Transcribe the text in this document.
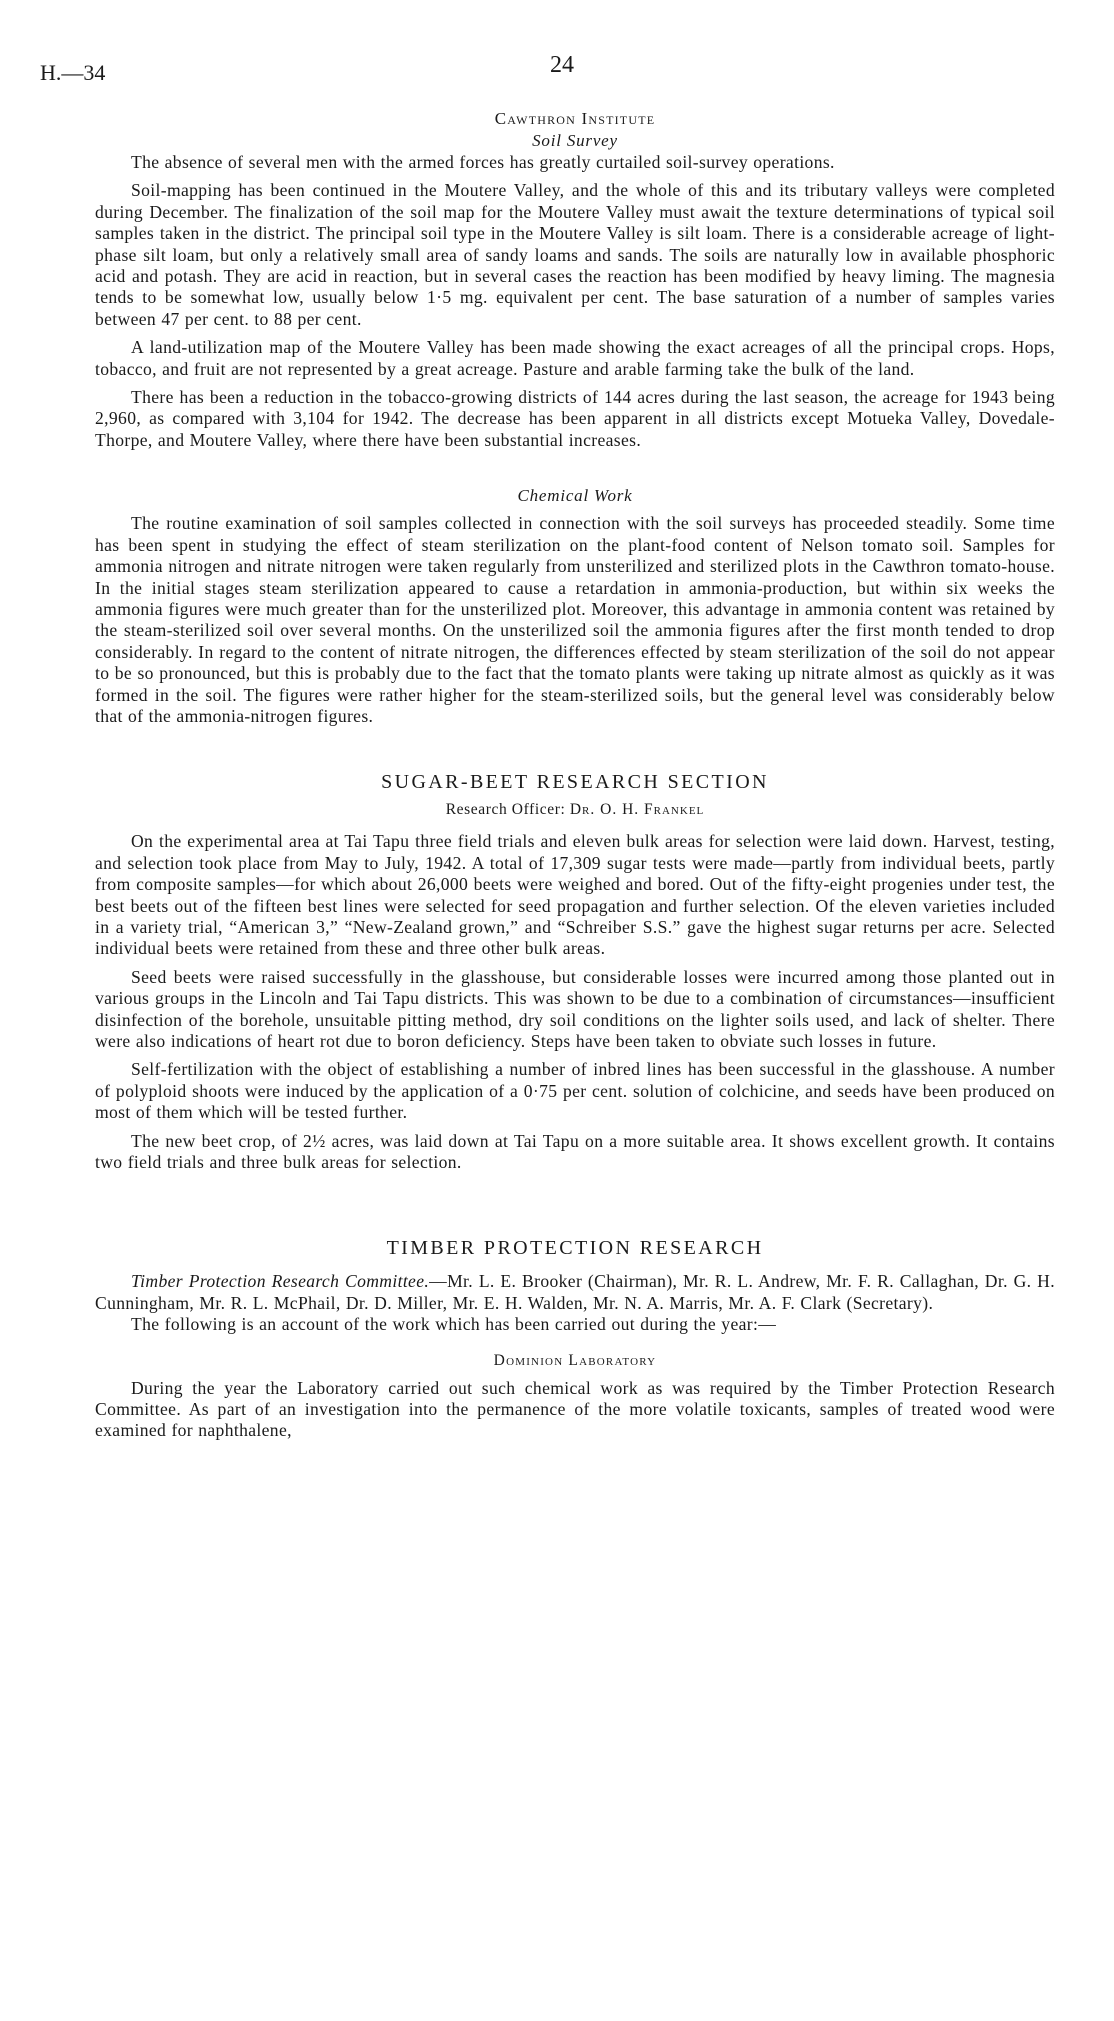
24
H.—34
Cawthron Institute
Soil Survey

The absence of several men with the armed forces has greatly curtailed soil-survey operations.

Soil-mapping has been continued in the Moutere Valley, and the whole of this and its tributary valleys were completed during December. The finalization of the soil map for the Moutere Valley must await the texture determinations of typical soil samples taken in the district. The principal soil type in the Moutere Valley is silt loam. There is a considerable acreage of light-phase silt loam, but only a relatively small area of sandy loams and sands. The soils are naturally low in available phosphoric acid and potash. They are acid in reaction, but in several cases the reaction has been modified by heavy liming. The magnesia tends to be somewhat low, usually below 1·5 mg. equivalent per cent. The base saturation of a number of samples varies between 47 per cent. to 88 per cent.

A land-utilization map of the Moutere Valley has been made showing the exact acreages of all the principal crops. Hops, tobacco, and fruit are not represented by a great acreage. Pasture and arable farming take the bulk of the land.

There has been a reduction in the tobacco-growing districts of 144 acres during the last season, the acreage for 1943 being 2,960, as compared with 3,104 for 1942. The decrease has been apparent in all districts except Motueka Valley, Dovedale-Thorpe, and Moutere Valley, where there have been substantial increases.

Chemical Work

The routine examination of soil samples collected in connection with the soil surveys has proceeded steadily. Some time has been spent in studying the effect of steam sterilization on the plant-food content of Nelson tomato soil. Samples for ammonia nitrogen and nitrate nitrogen were taken regularly from unsterilized and sterilized plots in the Cawthron tomato-house. In the initial stages steam sterilization appeared to cause a retardation in ammonia-production, but within six weeks the ammonia figures were much greater than for the unsterilized plot. Moreover, this advantage in ammonia content was retained by the steam-sterilized soil over several months. On the unsterilized soil the ammonia figures after the first month tended to drop considerably. In regard to the content of nitrate nitrogen, the differences effected by steam sterilization of the soil do not appear to be so pronounced, but this is probably due to the fact that the tomato plants were taking up nitrate almost as quickly as it was formed in the soil. The figures were rather higher for the steam-sterilized soils, but the general level was considerably below that of the ammonia-nitrogen figures.

SUGAR-BEET RESEARCH SECTION
Research Officer: Dr. O. H. Frankel

On the experimental area at Tai Tapu three field trials and eleven bulk areas for selection were laid down. Harvest, testing, and selection took place from May to July, 1942. A total of 17,309 sugar tests were made—partly from individual beets, partly from composite samples—for which about 26,000 beets were weighed and bored. Out of the fifty-eight progenies under test, the best beets out of the fifteen best lines were selected for seed propagation and further selection. Of the eleven varieties included in a variety trial, “American 3,” “New-Zealand grown,” and “Schreiber S.S.” gave the highest sugar returns per acre. Selected individual beets were retained from these and three other bulk areas.

Seed beets were raised successfully in the glasshouse, but considerable losses were incurred among those planted out in various groups in the Lincoln and Tai Tapu districts. This was shown to be due to a combination of circumstances—insufficient disinfection of the borehole, unsuitable pitting method, dry soil conditions on the lighter soils used, and lack of shelter. There were also indications of heart rot due to boron deficiency. Steps have been taken to obviate such losses in future.

Self-fertilization with the object of establishing a number of inbred lines has been successful in the glasshouse. A number of polyploid shoots were induced by the application of a 0·75 per cent. solution of colchicine, and seeds have been produced on most of them which will be tested further.

The new beet crop, of 2½ acres, was laid down at Tai Tapu on a more suitable area. It shows excellent growth. It contains two field trials and three bulk areas for selection.

TIMBER PROTECTION RESEARCH

Timber Protection Research Committee.—Mr. L. E. Brooker (Chairman), Mr. R. L. Andrew, Mr. F. R. Callaghan, Dr. G. H. Cunningham, Mr. R. L. McPhail, Dr. D. Miller, Mr. E. H. Walden, Mr. N. A. Marris, Mr. A. F. Clark (Secretary).

The following is an account of the work which has been carried out during the year:—

Dominion Laboratory

During the year the Laboratory carried out such chemical work as was required by the Timber Protection Research Committee. As part of an investigation into the permanence of the more volatile toxicants, samples of treated wood were examined for naphthalene,
